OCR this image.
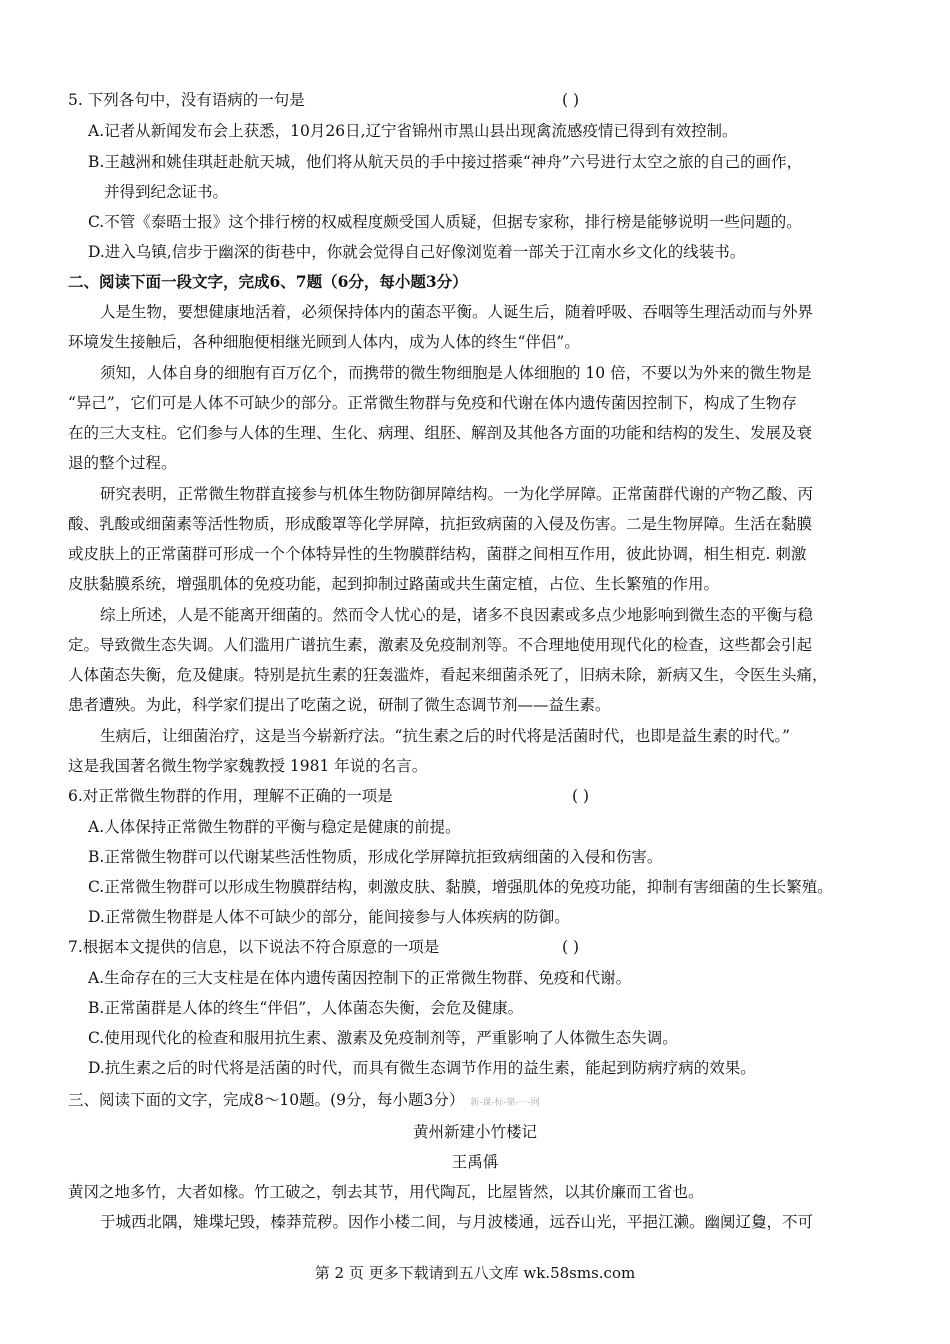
5. 下列各句中，没有语病的一句是	( )
A.记者从新闻发布会上获悉，10月26日,辽宁省锦州市黑山县出现禽流感疫情已得到有效控制。
B.王越洲和姚佳琪赶赴航天城，他们将从航天员的手中接过搭乘“神舟”六号进行太空之旅的自己的画作，
并得到纪念证书。
C.不管《泰晤士报》这个排行榜的权威程度颇受国人质疑，但据专家称，排行榜是能够说明一些问题的。
D.进入乌镇,信步于幽深的街巷中，你就会觉得自己好像浏览着一部关于江南水乡文化的线装书。
二、阅读下面一段文字，完成6、7题（6分，每小题3分）
人是生物，要想健康地活着，必须保持体内的菌态平衡。人诞生后，随着呼吸、吞咽等生理活动而与外界
环境发生接触后，各种细胞便相继光顾到人体内，成为人体的终生“伴侣”。
须知，人体自身的细胞有百万亿个，而携带的微生物细胞是人体细胞的 10 倍，不要以为外来的微生物是
“异己”，它们可是人体不可缺少的部分。正常微生物群与免疫和代谢在体内遗传菌因控制下，构成了生物存
在的三大支柱。它们参与人体的生理、生化、病理、组胚、解剖及其他各方面的功能和结构的发生、发展及衰
退的整个过程。
研究表明，正常微生物群直接参与机体生物防御屏障结构。一为化学屏障。正常菌群代谢的产物乙酸、丙
酸、乳酸或细菌素等活性物质，形成酸罩等化学屏障，抗拒致病菌的入侵及伤害。二是生物屏障。生活在黏膜
或皮肤上的正常菌群可形成一个个体特异性的生物膜群结构，菌群之间相互作用，彼此协调，相生相克. 刺激
皮肤黏膜系统，增强肌体的免疫功能，起到抑制过路菌或共生菌定植，占位、生长繁殖的作用。
综上所述，人是不能离开细菌的。然而令人忧心的是，诸多不良因素或多点少地影响到微生态的平衡与稳
定。导致微生态失调。人们滥用广谱抗生素，激素及免疫制剂等。不合理地使用现代化的检查，这些都会引起
人体菌态失衡，危及健康。特别是抗生素的狂轰滥炸，看起来细菌杀死了，旧病未除，新病又生，令医生头痛，
患者遭殃。为此，科学家们提出了吃菌之说，研制了微生态调节剂——益生素。
生病后，让细菌治疗，这是当今崭新疗法。“抗生素之后的时代将是活菌时代，也即是益生素的时代。”
这是我国著名微生物学家魏教授 1981 年说的名言。
6.对正常微生物群的作用，理解不正确的一项是	( )
A.人体保持正常微生物群的平衡与稳定是健康的前提。
B.正常微生物群可以代谢某些活性物质，形成化学屏障抗拒致病细菌的入侵和伤害。
C.正常微生物群可以形成生物膜群结构，刺激皮肤、黏膜，增强肌体的免疫功能，抑制有害细菌的生长繁殖。
D.正常微生物群是人体不可缺少的部分，能间接参与人体疾病的防御。
7.根据本文提供的信息，以下说法不符合原意的一项是	( )
A.生命存在的三大支柱是在体内遗传菌因控制下的正常微生物群、免疫和代谢。
B.正常菌群是人体的终生“伴侣”，人体菌态失衡，会危及健康。
C.使用现代化的检查和服用抗生素、激素及免疫制剂等，严重影响了人体微生态失调。
D.抗生素之后的时代将是活菌的时代，而具有微生态调节作用的益生素，能起到防病疗病的效果。
三、阅读下面的文字，完成8～10题。(9分，每小题3分） 新-课-标-第-一-网
黄州新建小竹楼记
王禹偁
黄冈之地多竹，大者如椽。竹工破之，刳去其节，用代陶瓦，比屋皆然，以其价廉而工省也。
于城西北隅，雉堞圮毁，榛莽荒秽。因作小楼二间，与月波楼通，远吞山光，平挹江濑。幽阒辽敻，不可
第 2 页 更多下载请到五八文库 wk.58sms.com
